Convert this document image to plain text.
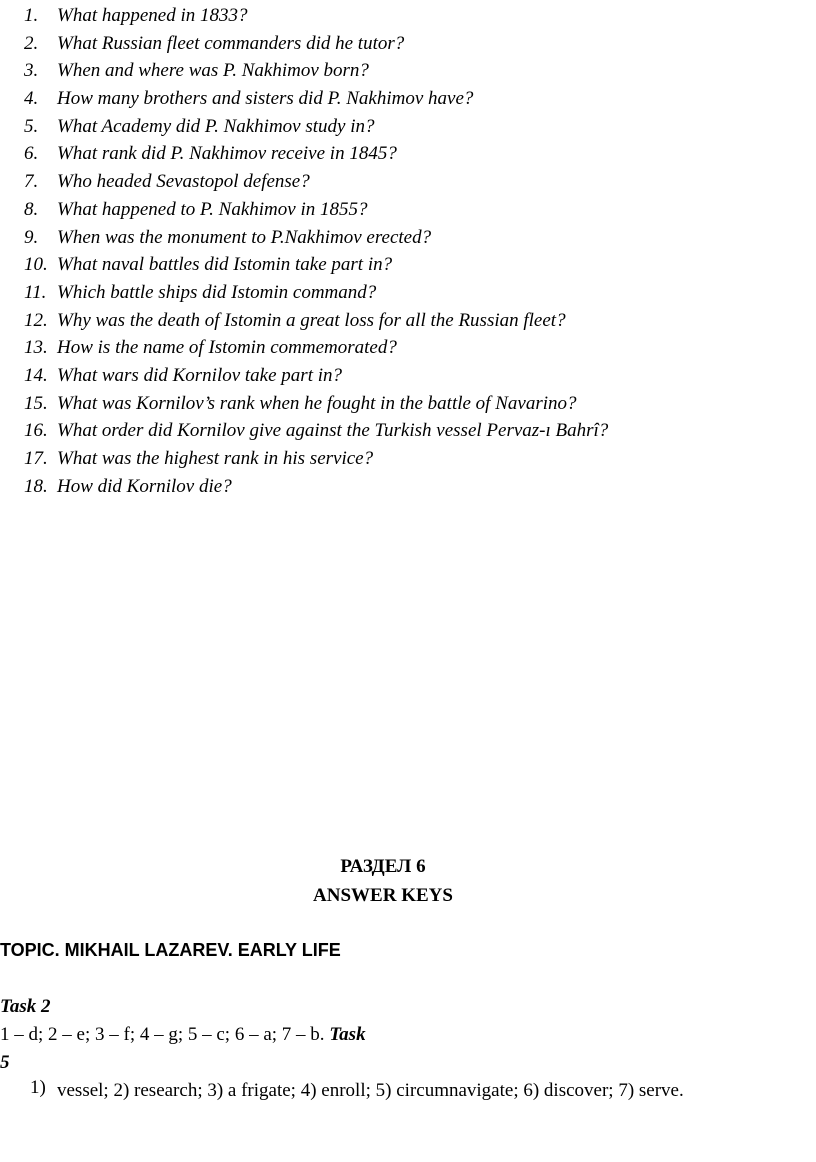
1. What happened in 1833?
2. What Russian fleet commanders did he tutor?
3. When and where was P. Nakhimov born?
4. How many brothers and sisters did P. Nakhimov have?
5. What Academy did P. Nakhimov study in?
6. What rank did P. Nakhimov receive in 1845?
7. Who headed Sevastopol defense?
8. What happened to P. Nakhimov in 1855?
9. When was the monument to P.Nakhimov erected?
10. What naval battles did Istomin take part in?
11. Which battle ships did Istomin command?
12. Why was the death of Istomin a great loss for all the Russian fleet?
13. How is the name of Istomin commemorated?
14. What wars did Kornilov take part in?
15. What was Kornilov’s rank when he fought in the battle of Navarino?
16. What order did Kornilov give against the Turkish vessel Pervaz-ı Bahrî?
17. What was the highest rank in his service?
18. How did Kornilov die?
РАЗДЕЛ 6
ANSWER KEYS
TOPIC. MIKHAIL LAZAREV. EARLY LIFE
Task 2
1 – d; 2 – e; 3 – f; 4 – g; 5 – c; 6 – a; 7 – b. Task
5
1) vessel; 2) research; 3) a frigate; 4) enroll; 5) circumnavigate; 6) discover; 7) serve.
